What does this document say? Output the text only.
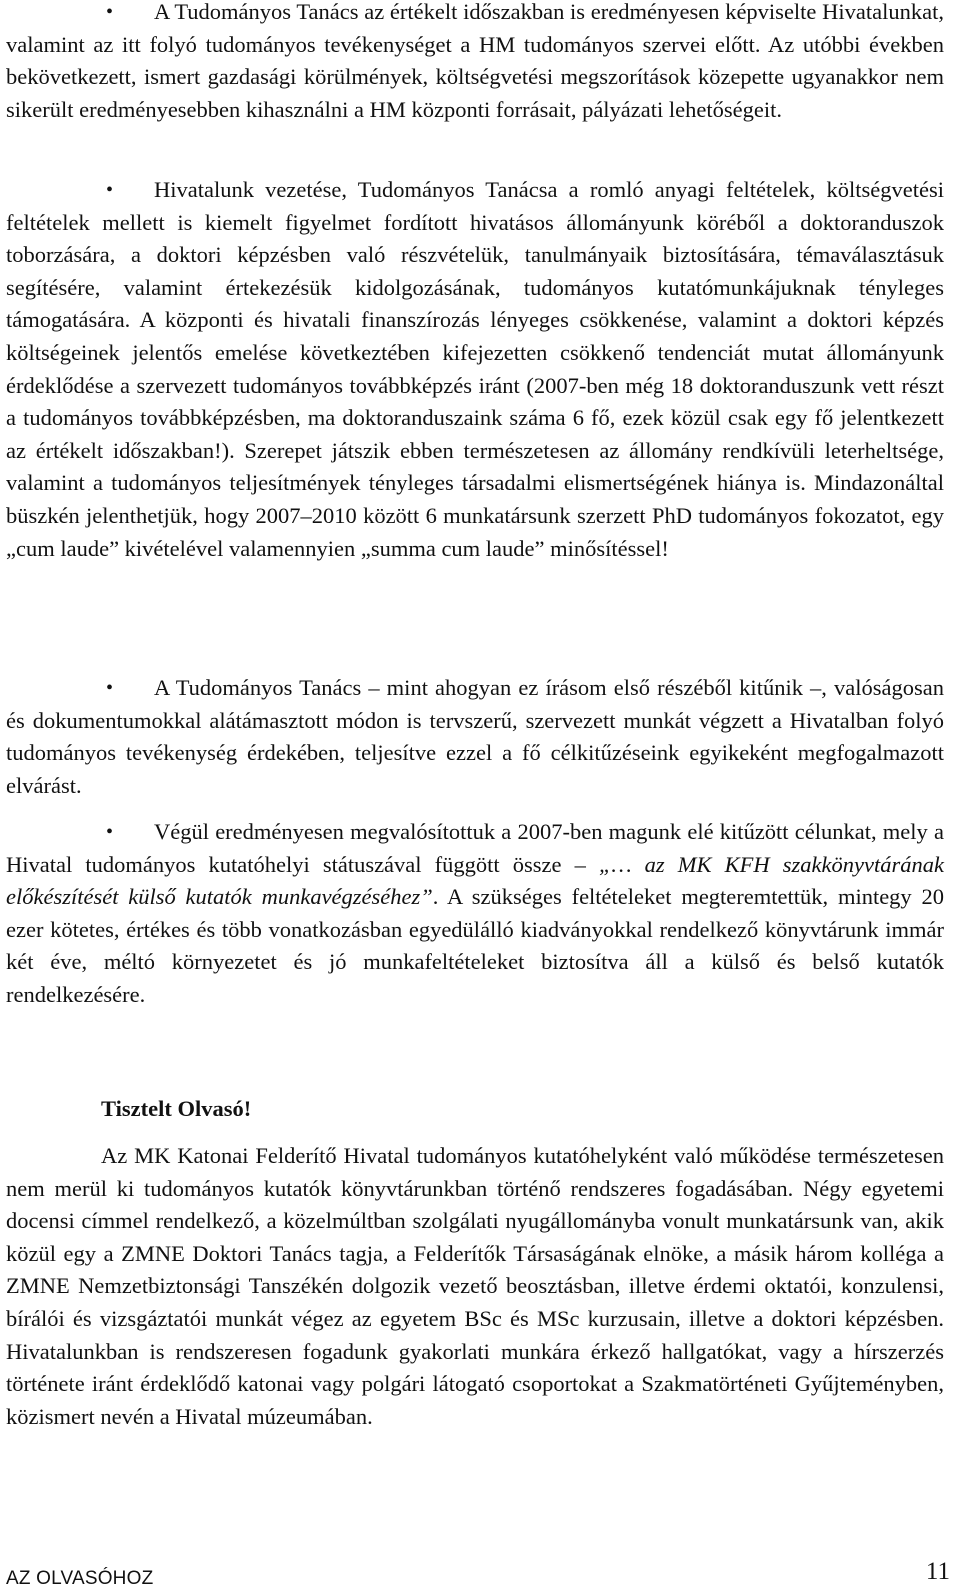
• A Tudományos Tanács az értékelt időszakban is eredményesen képviselte Hivatalunkat, valamint az itt folyó tudományos tevékenységet a HM tudományos szervei előtt. Az utóbbi években bekövetkezett, ismert gazdasági körülmények, költségvetési megszorítások közepette ugyanakkor nem sikerült eredményesebben kihasználni a HM központi forrásait, pályázati lehetőségeit.

• Hivatalunk vezetése, Tudományos Tanácsa a romló anyagi feltételek, költségvetési feltételek mellett is kiemelt figyelmet fordított hivatásos állományunk köréből a doktoranduszok toborzására, a doktori képzésben való részvételük, tanulmányaik biztosítására, témaválasztásuk segítésére, valamint értekezésük kidolgozásának, tudományos kutatómunkájuknak tényleges támogatására. A központi és hivatali finanszírozás lényeges csökkenése, valamint a doktori képzés költségeinek jelentős emelése következtében kifejezetten csökkenő tendenciát mutat állományunk érdeklődése a szervezett tudományos továbbképzés iránt (2007-ben még 18 doktoranduszunk vett részt a tudományos továbbképzésben, ma doktoranduszaink száma 6 fő, ezek közül csak egy fő jelentkezett az értékelt időszakban!). Szerepet játszik ebben természetesen az állomány rendkívüli leterheltsége, valamint a tudományos teljesítmények tényleges társadalmi elismertségének hiánya is. Mindazonáltal büszkén jelenthetjük, hogy 2007–2010 között 6 munkatársunk szerzett PhD tudományos fokozatot, egy „cum laude” kivételével valamennyien „summa cum laude” minősítéssel!

• A Tudományos Tanács – mint ahogyan ez írásom első részéből kitűnik –, valóságosan és dokumentumokkal alátámasztott módon is tervszerű, szervezett munkát végzett a Hivatalban folyó tudományos tevékenység érdekében, teljesítve ezzel a fő célkitűzéseink egyikeként megfogalmazott elvárást.

• Végül eredményesen megvalósítottuk a 2007-ben magunk elé kitűzött célunkat, mely a Hivatal tudományos kutatóhelyi státuszával függött össze – „… az MK KFH szakkönyvtárának előkészítését külső kutatók munkavégzéséhez”. A szükséges feltételeket megteremtettük, mintegy 20 ezer kötetes, értékes és több vonatkozásban egyedülálló kiadványokkal rendelkező könyvtárunk immár két éve, méltó környezetet és jó munkafeltételeket biztosítva áll a külső és belső kutatók rendelkezésére.

Tisztelt Olvasó!

Az MK Katonai Felderítő Hivatal tudományos kutatóhelyként való működése természetesen nem merül ki tudományos kutatók könyvtárunkban történő rendszeres fogadásában. Négy egyetemi docensi címmel rendelkező, a közelmúltban szolgálati nyugállományba vonult munkatársunk van, akik közül egy a ZMNE Doktori Tanács tagja, a Felderítők Társaságának elnöke, a másik három kolléga a ZMNE Nemzetbiztonsági Tanszékén dolgozik vezető beosztásban, illetve érdemi oktatói, konzulensi, bírálói és vizsgáztatói munkát végez az egyetem BSc és MSc kurzusain, illetve a doktori képzésben. Hivatalunkban is rendszeresen fogadunk gyakorlati munkára érkező hallgatókat, vagy a hírszerzés története iránt érdeklődő katonai vagy polgári látogató csoportokat a Szakmatörténeti Gyűjteményben, közismert nevén a Hivatal múzeumában.

AZ OLVASÓHOZ	11
